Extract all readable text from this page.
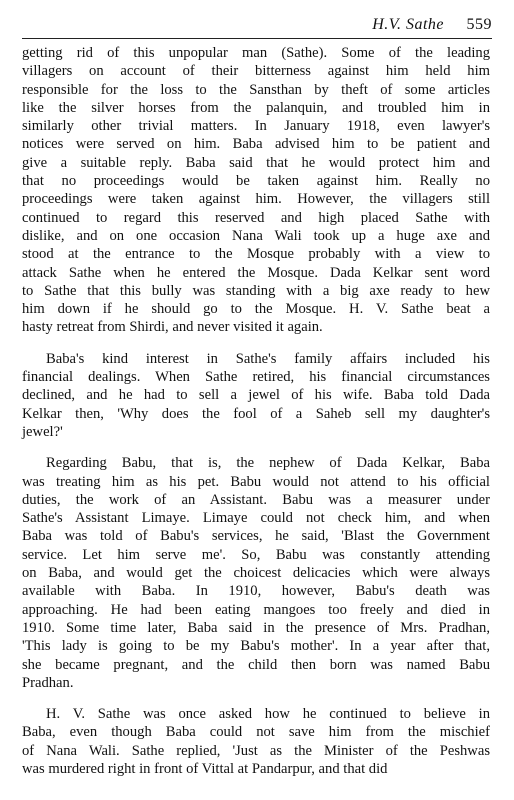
H.V. Sathe 559
getting rid of this unpopular man (Sathe). Some of the leading
villagers on account of their bitterness against him held him
responsible for the loss to the Sansthan by theft of some articles
like the silver horses from the palanquin, and troubled him in
similarly other trivial matters. In January 1918, even lawyer's
notices were served on him. Baba advised him to be patient and
give a suitable reply. Baba said that he would protect him and
that no proceedings would be taken against him. Really no
proceedings were taken against him. However, the villagers still
continued to regard this reserved and high placed Sathe with
dislike, and on one occasion Nana Wali took up a huge axe and
stood at the entrance to the Mosque probably with a view to
attack Sathe when he entered the Mosque. Dada Kelkar sent word
to Sathe that this bully was standing with a big axe ready to hew
him down if he should go to the Mosque. H. V. Sathe beat a
hasty retreat from Shirdi, and never visited it again.
Baba's kind interest in Sathe's family affairs included his
financial dealings. When Sathe retired, his financial circumstances
declined, and he had to sell a jewel of his wife. Baba told Dada
Kelkar then, 'Why does the fool of a Saheb sell my daughter's
jewel?'
Regarding Babu, that is, the nephew of Dada Kelkar, Baba
was treating him as his pet. Babu would not attend to his official
duties, the work of an Assistant. Babu was a measurer under
Sathe's Assistant Limaye. Limaye could not check him, and when
Baba was told of Babu's services, he said, 'Blast the Government
service. Let him serve me'. So, Babu was constantly attending
on Baba, and would get the choicest delicacies which were always
available with Baba. In 1910, however, Babu's death was
approaching. He had been eating mangoes too freely and died in
1910. Some time later, Baba said in the presence of Mrs. Pradhan,
'This lady is going to be my Babu's mother'. In a year after that,
she became pregnant, and the child then born was named Babu
Pradhan.
H. V. Sathe was once asked how he continued to believe in
Baba, even though Baba could not save him from the mischief
of Nana Wali. Sathe replied, 'Just as the Minister of the Peshwas
was murdered right in front of Vittal at Pandarpur, and that did
